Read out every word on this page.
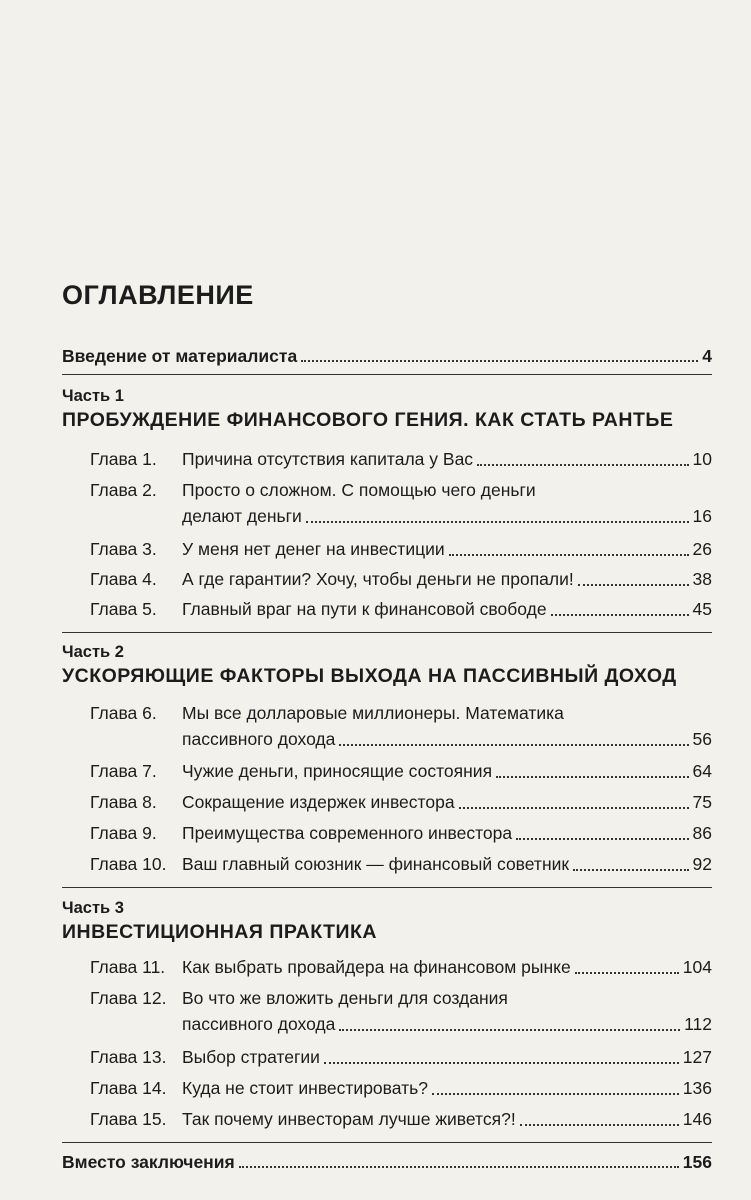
ОГЛАВЛЕНИЕ
Введение от материалиста	4
Часть 1
ПРОБУЖДЕНИЕ ФИНАНСОВОГО ГЕНИЯ. КАК СТАТЬ РАНТЬЕ
Глава 1.	Причина отсутствия капитала у Вас	10
Глава 2.	Просто о сложном. С помощью чего деньги
делают деньги	16
Глава 3.	У меня нет денег на инвестиции	26
Глава 4.	А где гарантии? Хочу, чтобы деньги не пропали!	38
Глава 5.	Главный враг на пути к финансовой свободе	45
Часть 2
УСКОРЯЮЩИЕ ФАКТОРЫ ВЫХОДА НА ПАССИВНЫЙ ДОХОД
Глава 6.	Мы все долларовые миллионеры. Математика
пассивного дохода	56
Глава 7.	Чужие деньги, приносящие состояния	64
Глава 8.	Сокращение издержек инвестора	75
Глава 9.	Преимущества современного инвестора	86
Глава 10. Ваш главный союзник — финансовый советник	92
Часть 3
ИНВЕСТИЦИОННАЯ ПРАКТИКА
Глава 11. Как выбрать провайдера на финансовом рынке	104
Глава 12. Во что же вложить деньги для создания
пассивного дохода	112
Глава 13. Выбор стратегии	127
Глава 14. Куда не стоит инвестировать?	136
Глава 15. Так почему инвесторам лучше живется?!	146
Вместо заключения	156
